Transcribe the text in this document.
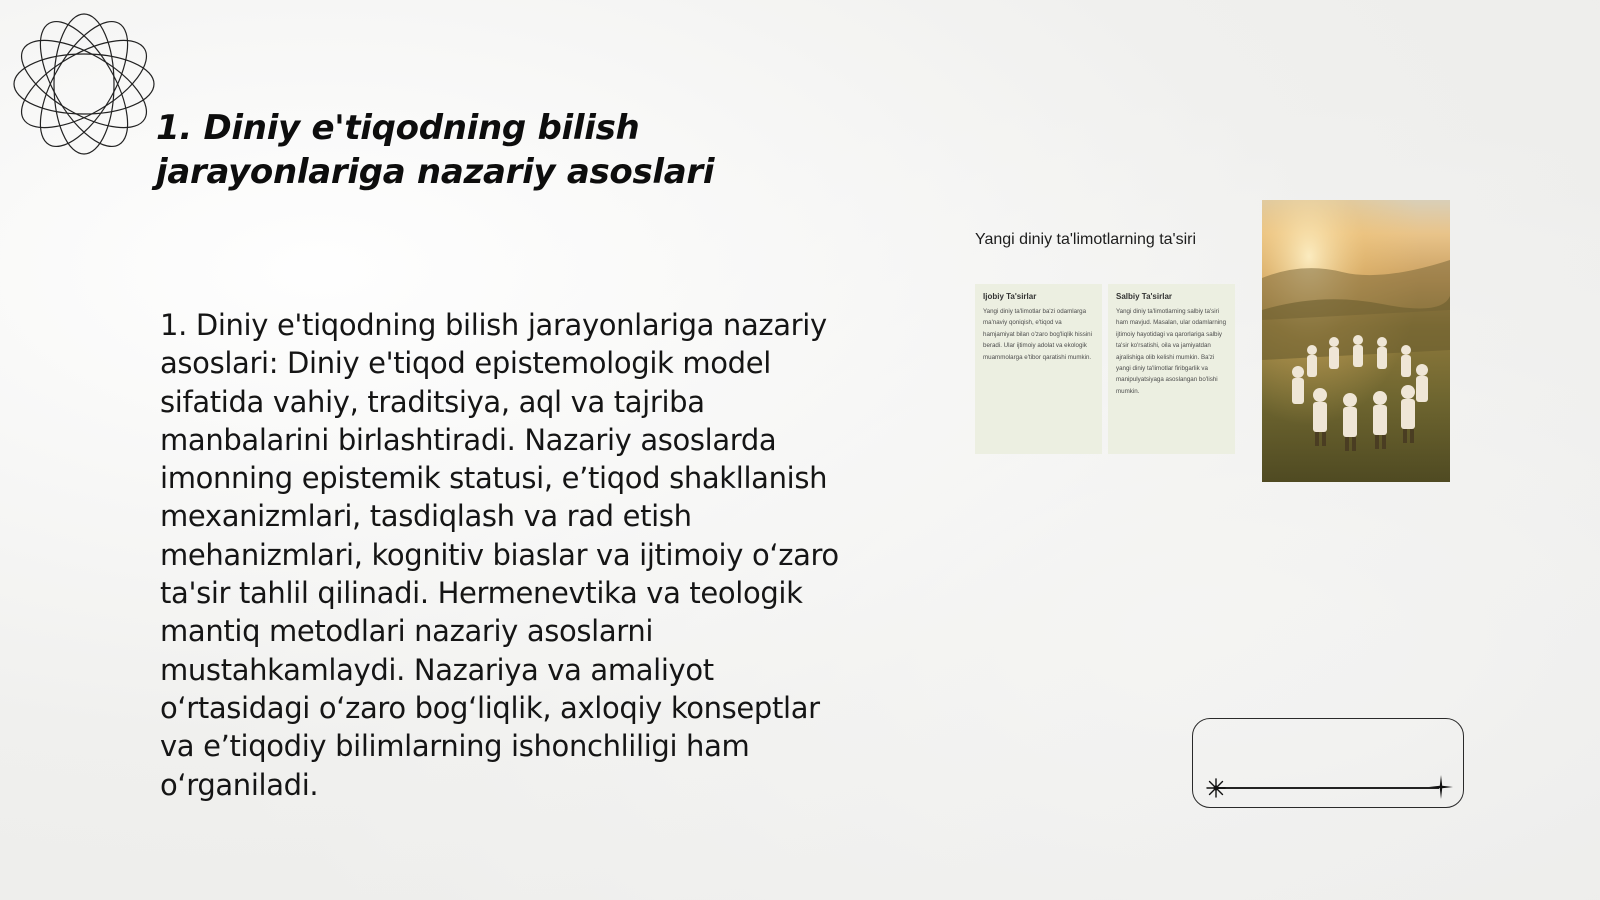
1. Diniy e'tiqodning bilish jarayonlariga nazariy asoslari

1. Diniy e'tiqodning bilish jarayonlariga nazariy asoslari: Diniy e'tiqod epistemologik model sifatida vahiy, traditsiya, aql va tajriba manbalarini birlashtiradi. Nazariy asoslarda imonning epistemik statusi, e’tiqod shakllanish mexanizmlari, tasdiqlash va rad etish mehanizmlari, kognitiv biaslar va ijtimoiy o‘zaro ta'sir tahlil qilinadi. Hermenevtika va teologik mantiq metodlari nazariy asoslarni mustahkamlaydi. Nazariya va amaliyot o‘rtasidagi o‘zaro bog‘liqlik, axloqiy konseptlar va e’tiqodiy bilimlarning ishonchliligi ham o‘rganiladi.

Yangi diniy ta'limotlarning ta'siri

Ijobiy Ta'sirlar

Yangi diniy ta'limotlar ba'zi odamlarga ma'naviy qoniqish, e'tiqod va hamjamiyat bilan o'zaro bog'liqlik hissini beradi. Ular ijtimoiy adolat va ekologik muammolarga e'tibor qaratishi mumkin.

Salbiy Ta'sirlar

Yangi diniy ta'limotlarning salbiy ta'siri ham mavjud. Masalan, ular odamlarning ijtimoiy hayotidagi va qarorlariga salbiy ta'sir ko'rsatishi, oila va jamiyatdan ajralishiga olib kelishi mumkin. Ba'zi yangi diniy ta'limotlar firibgarlik va manipulyatsiyaga asoslangan bo'lishi mumkin.
